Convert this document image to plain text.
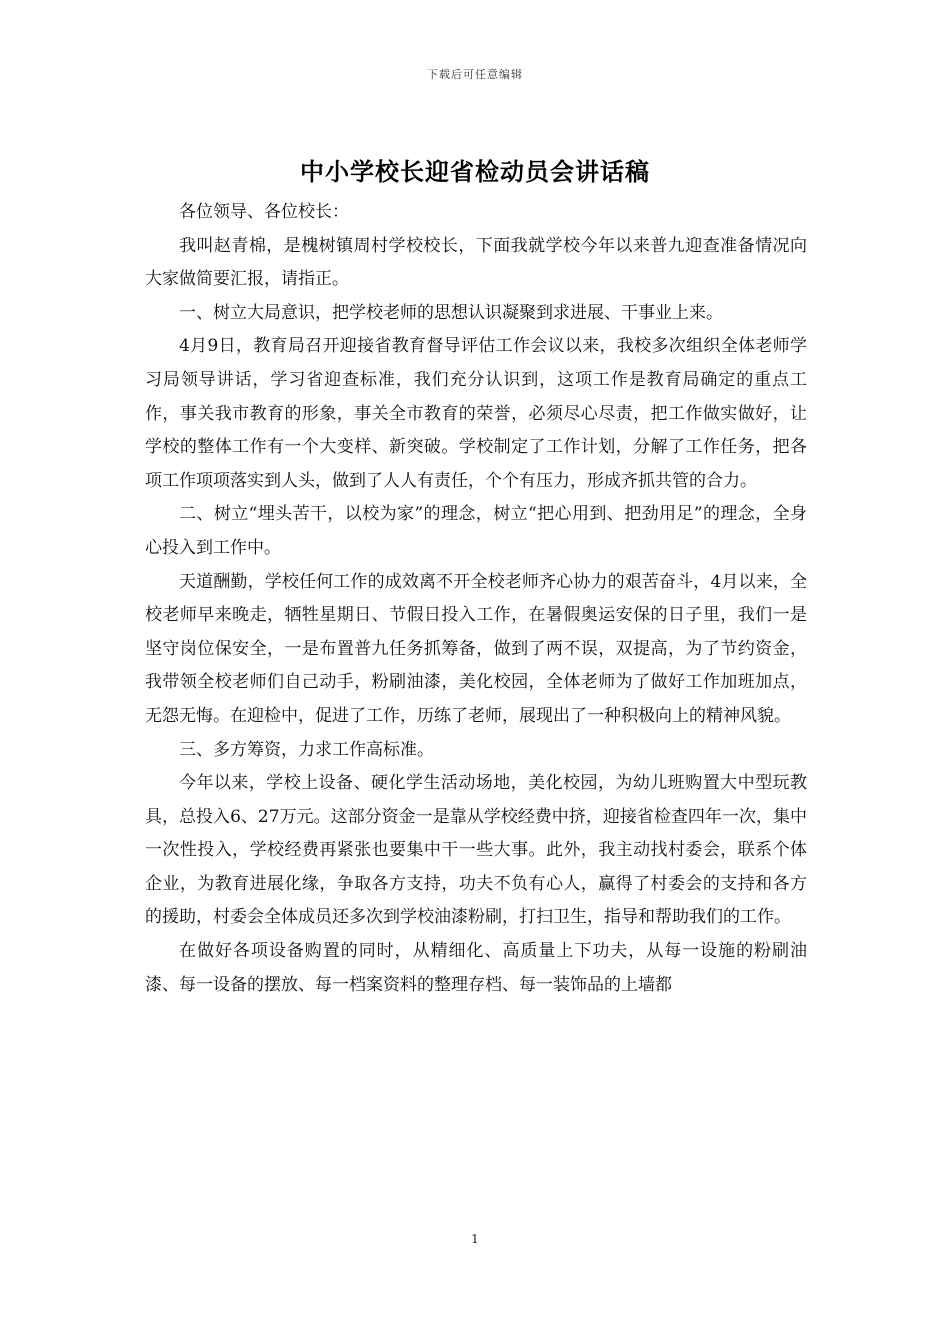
下载后可任意编辑
中小学校长迎省检动员会讲话稿

各位领导、各位校长：

我叫赵青棉，是槐树镇周村学校校长，下面我就学校今年以来普九迎查准备情况向大家做简要汇报，请指正。

一、树立大局意识，把学校老师的思想认识凝聚到求进展、干事业上来。

4月9日，教育局召开迎接省教育督导评估工作会议以来，我校多次组织全体老师学习局领导讲话，学习省迎查标准，我们充分认识到，这项工作是教育局确定的重点工作，事关我市教育的形象，事关全市教育的荣誉，必须尽心尽责，把工作做实做好，让学校的整体工作有一个大变样、新突破。学校制定了工作计划，分解了工作任务，把各项工作项项落实到人头，做到了人人有责任，个个有压力，形成齐抓共管的合力。

二、树立“埋头苦干，以校为家”的理念，树立“把心用到、把劲用足”的理念，全身心投入到工作中。

天道酬勤，学校任何工作的成效离不开全校老师齐心协力的艰苦奋斗，4月以来，全校老师早来晚走，牺牲星期日、节假日投入工作，在暑假奥运安保的日子里，我们一是坚守岗位保安全，一是布置普九任务抓筹备，做到了两不误，双提高，为了节约资金，我带领全校老师们自己动手，粉刷油漆，美化校园，全体老师为了做好工作加班加点，无怨无悔。在迎检中，促进了工作，历练了老师，展现出了一种积极向上的精神风貌。

三、多方筹资，力求工作高标准。

今年以来，学校上设备、硬化学生活动场地，美化校园，为幼儿班购置大中型玩教具，总投入6、27万元。这部分资金一是靠从学校经费中挤，迎接省检查四年一次，集中一次性投入，学校经费再紧张也要集中干一些大事。此外，我主动找村委会，联系个体企业，为教育进展化缘，争取各方支持，功夫不负有心人，赢得了村委会的支持和各方的援助，村委会全体成员还多次到学校油漆粉刷，打扫卫生，指导和帮助我们的工作。

在做好各项设备购置的同时，从精细化、高质量上下功夫，从每一设施的粉刷油漆、每一设备的摆放、每一档案资料的整理存档、每一装饰品的上墙都

1
